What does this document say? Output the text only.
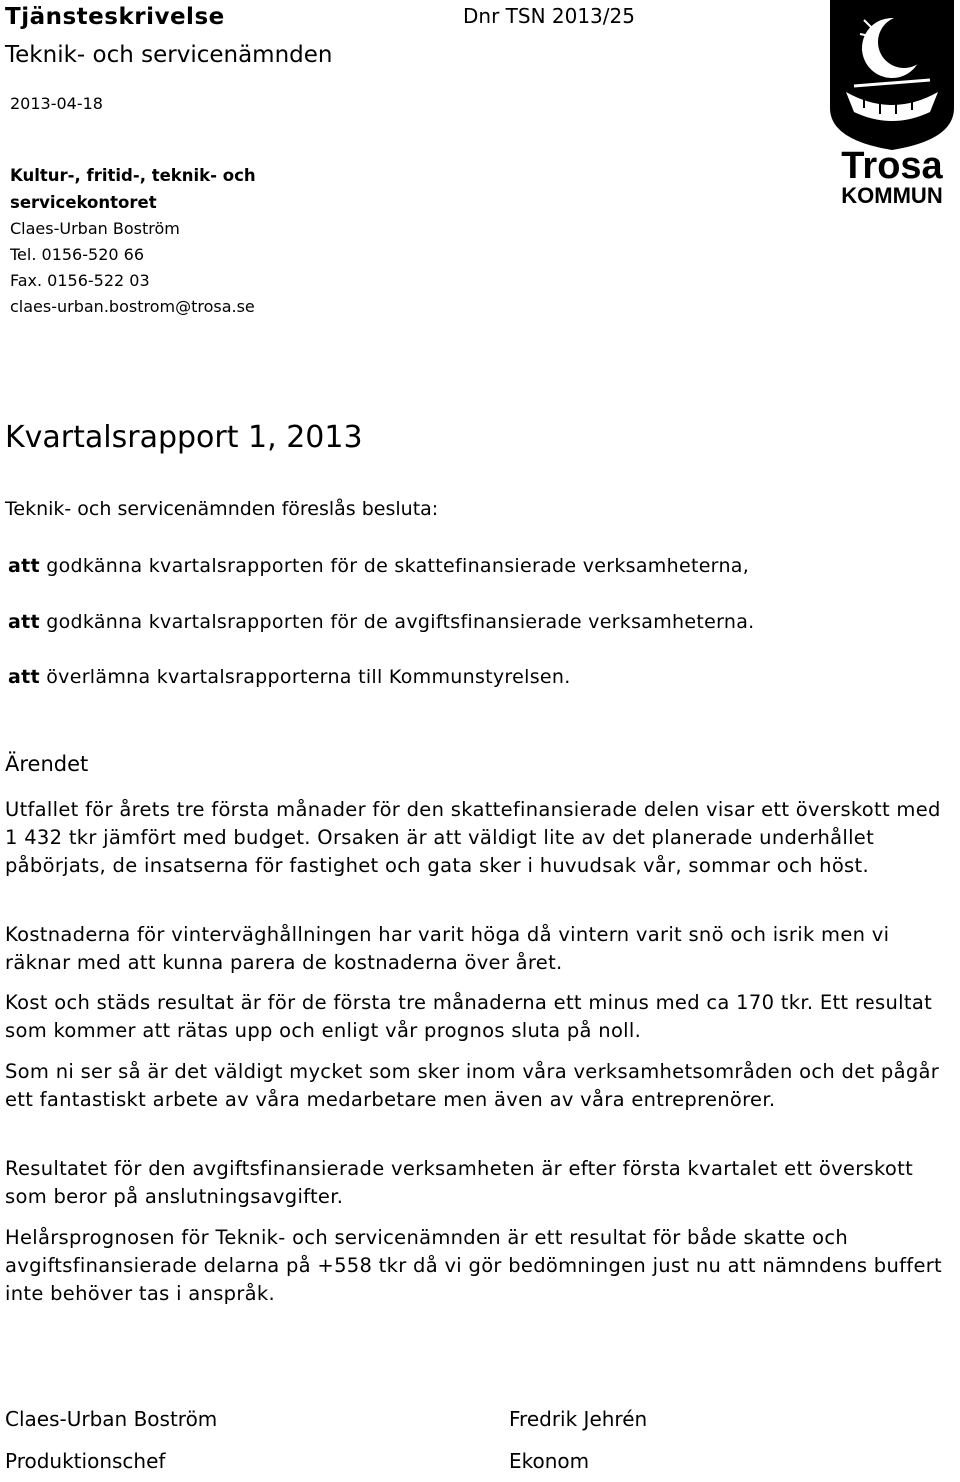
Tjänsteskrivelse
Teknik- och servicenämnden
Dnr TSN 2013/25
2013-04-18
Kultur-, fritid-, teknik- och
servicekontoret
Claes-Urban Boström
Tel. 0156-520 66
Fax. 0156-522 03
claes-urban.bostrom@trosa.se
Trosa
KOMMUN
Kvartalsrapport 1, 2013
Teknik- och servicenämnden föreslås besluta:
att godkänna kvartalsrapporten för de skattefinansierade verksamheterna,
att godkänna kvartalsrapporten för de avgiftsfinansierade verksamheterna.
att överlämna kvartalsrapporterna till Kommunstyrelsen.
Ärendet

Utfallet för årets tre första månader för den skattefinansierade delen visar ett överskott med 1 432 tkr jämfört med budget. Orsaken är att väldigt lite av det planerade underhållet påbörjats, de insatserna för fastighet och gata sker i huvudsak vår, sommar och höst.

Kostnaderna för vinterväghållningen har varit höga då vintern varit snö och isrik men vi räknar med att kunna parera de kostnaderna över året.

Kost och städs resultat är för de första tre månaderna ett minus med ca 170 tkr. Ett resultat som kommer att rätas upp och enligt vår prognos sluta på noll.

Som ni ser så är det väldigt mycket som sker inom våra verksamhetsområden och det pågår ett fantastiskt arbete av våra medarbetare men även av våra entreprenörer.

Resultatet för den avgiftsfinansierade verksamheten är efter första kvartalet ett överskott som beror på anslutningsavgifter.

Helårsprognosen för Teknik- och servicenämnden är ett resultat för både skatte och avgiftsfinansierade delarna på +558 tkr då vi gör bedömningen just nu att nämndens buffert inte behöver tas i anspråk.

Claes-Urban Boström
Produktionschef
Fredrik Jehrén
Ekonom
